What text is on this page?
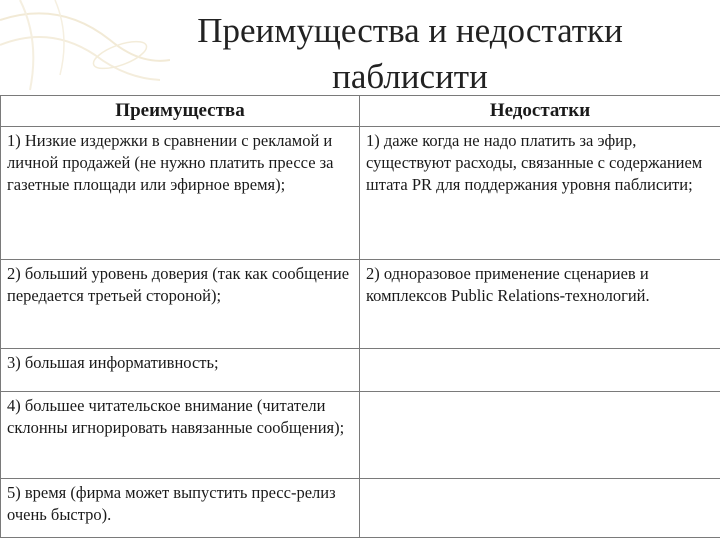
Преимущества и недостатки паблисити
Преимущества	Недостатки
1) Низкие издержки в сравнении с рекламой и личной продажей (не нужно платить прессе за газетные площади или эфирное время);	1) даже когда не надо платить за эфир, существуют расходы, связанные с содержанием штата PR для поддержания уровня паблисити;
2) больший уровень доверия (так как сообщение передается третьей стороной);	2) одноразовое применение сценариев и комплексов Public Relations-технологий.
3) большая информативность;	
4) большее читательское внимание (читатели склонны игнорировать навязанные сообщения);	
5) время (фирма может выпустить пресс-релиз очень быстро).	
